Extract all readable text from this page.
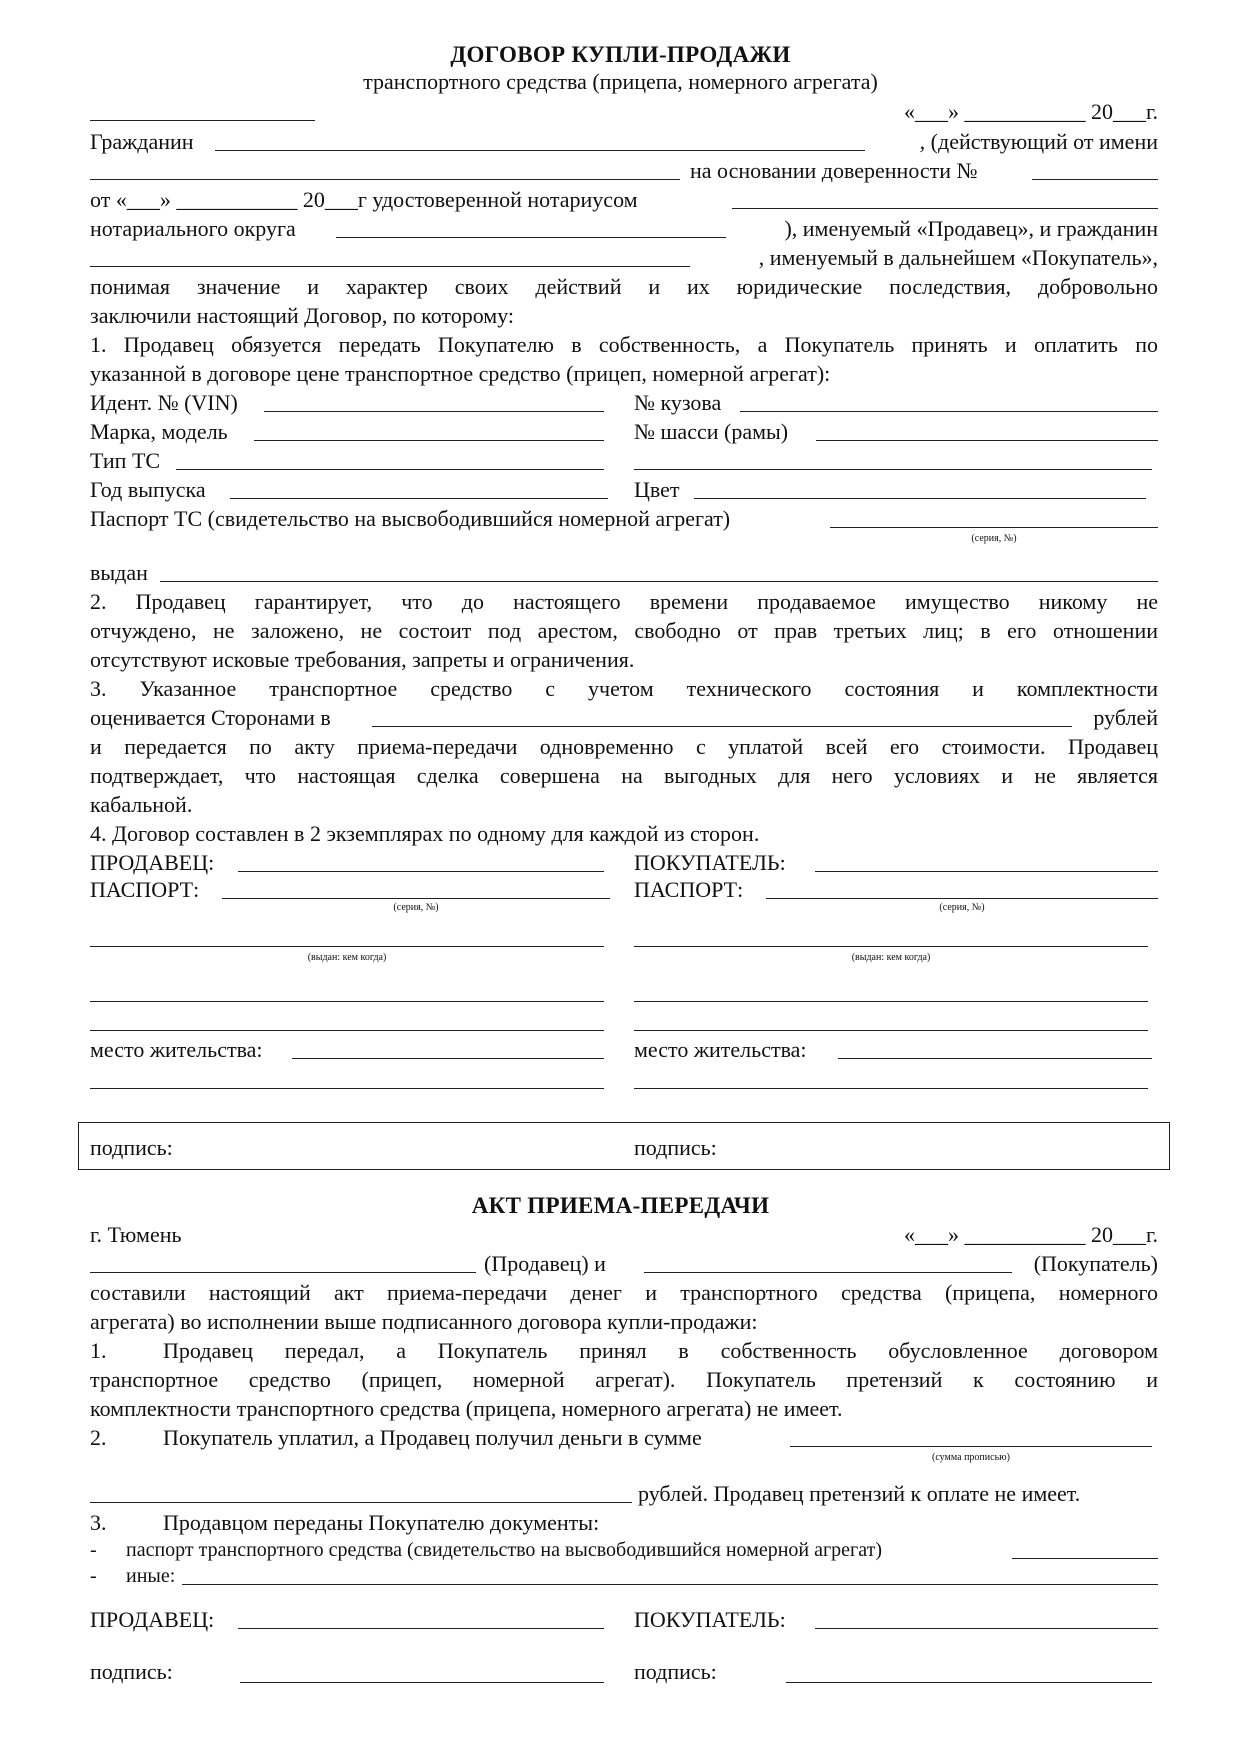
ДОГОВОР КУПЛИ-ПРОДАЖИ
транспортного средства (прицепа, номерного агрегата)
«___» ___________ 20___г.
Гражданин	, (действующий от имени
на основании доверенности №
от «___» ___________ 20___г удостоверенной нотариусом
нотариального округа	), именуемый «Продавец», и гражданин
, именуемый в дальнейшем «Покупатель»,
понимая значение и характер своих действий и их юридические последствия, добровольно
заключили настоящий Договор, по которому:
1. Продавец обязуется передать Покупателю в собственность, а Покупатель принять и оплатить по
указанной в договоре цене транспортное средство (прицеп, номерной агрегат):
Идент. № (VIN)	№ кузова
Марка, модель	№ шасси (рамы)
Тип ТС
Год выпуска	Цвет
Паспорт ТС (свидетельство на высвободившийся номерной агрегат)
(серия, №)
выдан
2. Продавец гарантирует, что до настоящего времени продаваемое имущество никому не
отчуждено, не заложено, не состоит под арестом, свободно от прав третьих лиц; в его отношении
отсутствуют исковые требования, запреты и ограничения.
3. Указанное транспортное средство с учетом технического состояния и комплектности
оценивается Сторонами в	рублей
и передается по акту приема-передачи одновременно с уплатой всей его стоимости. Продавец
подтверждает, что настоящая сделка совершена на выгодных для него условиях и не является
кабальной.
4. Договор составлен в 2 экземплярах по одному для каждой из сторон.
ПРОДАВЕЦ:	ПОКУПАТЕЛЬ:
ПАСПОРТ:	ПАСПОРТ:
(серия, №)	(серия, №)
(выдан: кем когда)	(выдан: кем когда)
место жительства:	место жительства:
подпись:	подпись:
АКТ ПРИЕМА-ПЕРЕДАЧИ
г. Тюмень	«___» ___________ 20___г.
(Продавец) и	(Покупатель)
составили настоящий акт приема-передачи денег и транспортного средства (прицепа, номерного
агрегата) во исполнении выше подписанного договора купли-продажи:
1.	Продавец передал, а Покупатель принял в собственность обусловленное договором
транспортное средство (прицеп, номерной агрегат). Покупатель претензий к состоянию и
комплектности транспортного средства (прицепа, номерного агрегата) не имеет.
2.	Покупатель уплатил, а Продавец получил деньги в сумме
(сумма прописью)
рублей. Продавец претензий к оплате не имеет.
3.	Продавцом переданы Покупателю документы:
- паспорт транспортного средства (свидетельство на высвободившийся номерной агрегат)
- иные:
ПРОДАВЕЦ:	ПОКУПАТЕЛЬ:
подпись:	подпись:
